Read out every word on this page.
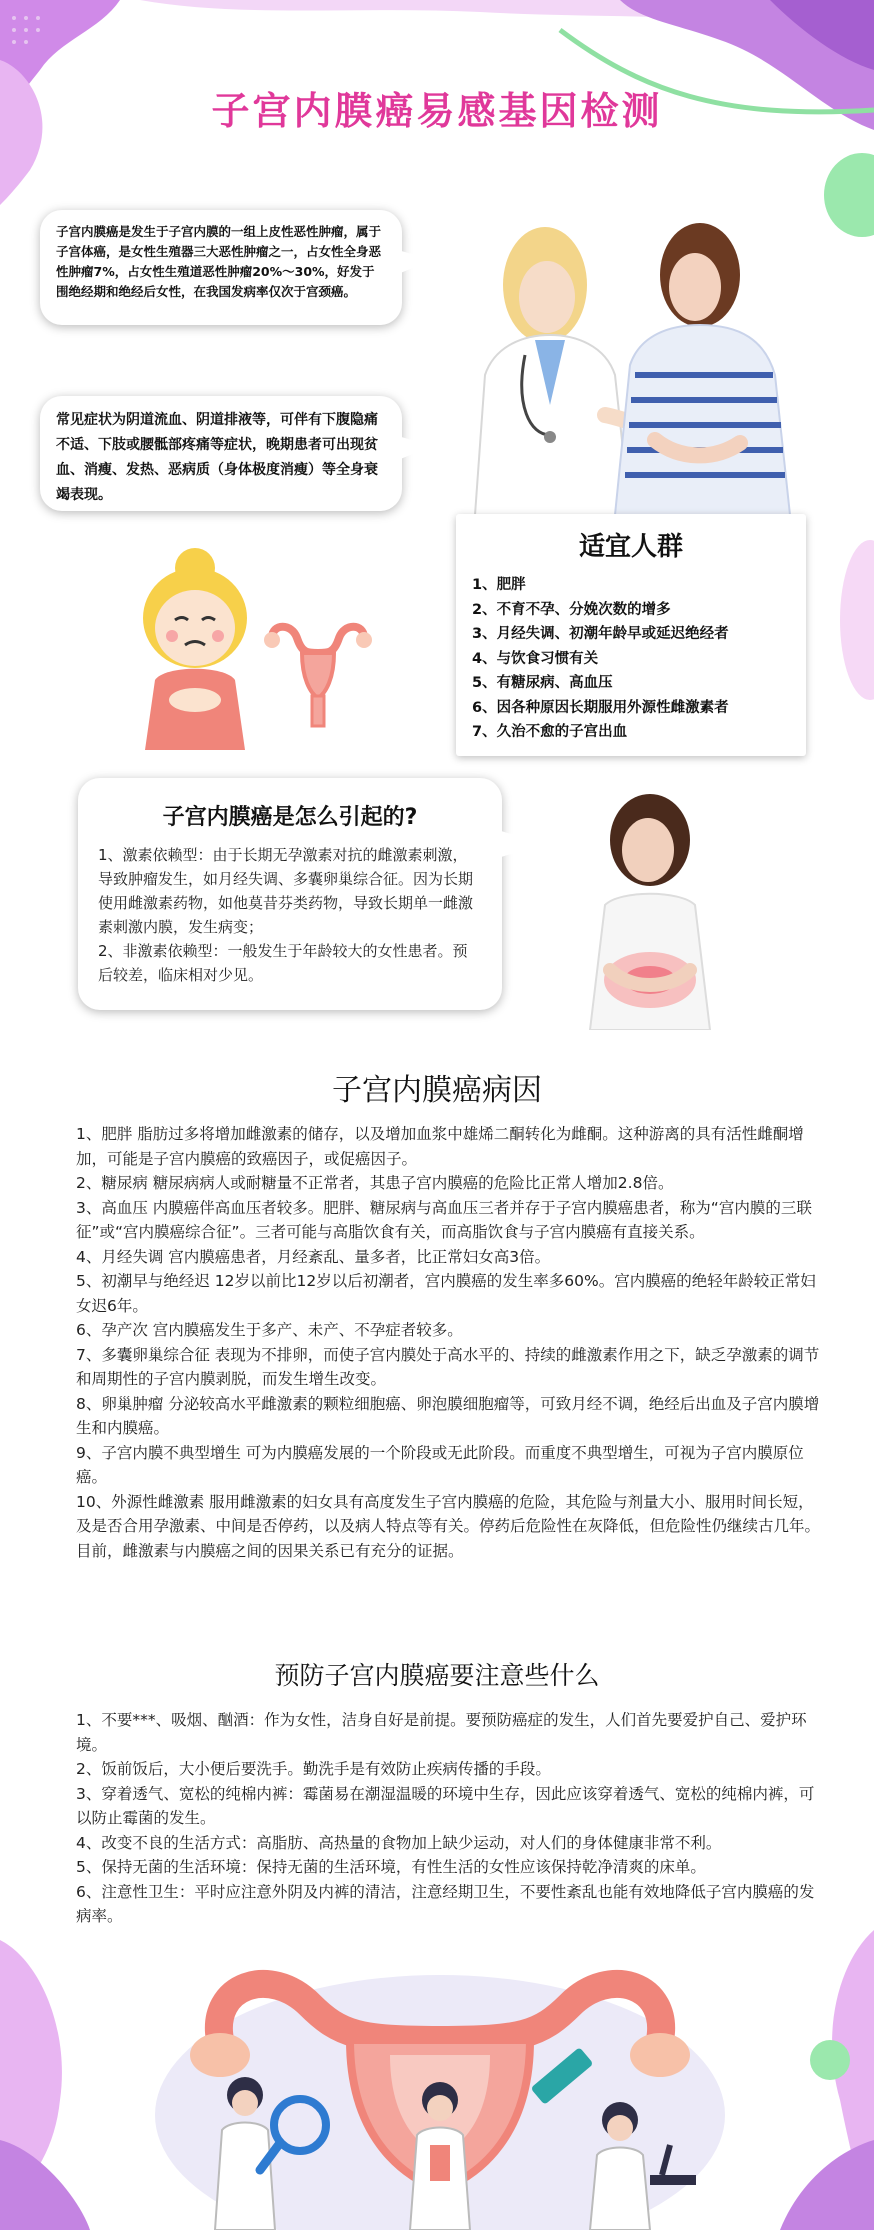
子宫内膜癌易感基因检测
子宫内膜癌是发生于子宫内膜的一组上皮性恶性肿瘤，属于子宫体癌，是女性生殖器三大恶性肿瘤之一，占女性全身恶性肿瘤7%，占女性生殖道恶性肿瘤20%～30%，好发于围绝经期和绝经后女性，在我国发病率仅次于宫颈癌。
常见症状为阴道流血、阴道排液等，可伴有下腹隐痛不适、下肢或腰骶部疼痛等症状，晚期患者可出现贫血、消瘦、发热、恶病质（身体极度消瘦）等全身衰竭表现。
适宜人群
1、肥胖
2、不育不孕、分娩次数的增多
3、月经失调、初潮年龄早或延迟绝经者
4、与饮食习惯有关
5、有糖尿病、高血压
6、因各种原因长期服用外源性雌激素者
7、久治不愈的子宫出血
子宫内膜癌是怎么引起的?

1、激素依赖型：由于长期无孕激素对抗的雌激素刺激，导致肿瘤发生，如月经失调、多囊卵巢综合征。因为长期使用雌激素药物，如他莫昔芬类药物，导致长期单一雌激素刺激内膜，发生病变；

2、非激素依赖型：一般发生于年龄较大的女性患者。预后较差，临床相对少见。

子宫内膜癌病因

1、肥胖 脂肪过多将增加雌激素的储存，以及增加血浆中雄烯二酮转化为雌酮。这种游离的具有活性雌酮增加，可能是子宫内膜癌的致癌因子，或促癌因子。

2、糖尿病 糖尿病病人或耐糖量不正常者，其患子宫内膜癌的危险比正常人增加2.8倍。

3、高血压 内膜癌伴高血压者较多。肥胖、糖尿病与高血压三者并存于子宫内膜癌患者，称为“宫内膜的三联征”或“宫内膜癌综合征”。三者可能与高脂饮食有关，而高脂饮食与子宫内膜癌有直接关系。

4、月经失调 宫内膜癌患者，月经紊乱、量多者，比正常妇女高3倍。

5、初潮早与绝经迟 12岁以前比12岁以后初潮者，宫内膜癌的发生率多60%。宫内膜癌的绝轻年龄较正常妇女迟6年。

6、孕产次 宫内膜癌发生于多产、未产、不孕症者较多。

7、多囊卵巢综合征 表现为不排卵，而使子宫内膜处于高水平的、持续的雌激素作用之下，缺乏孕激素的调节和周期性的子宫内膜剥脱，而发生增生改变。

8、卵巢肿瘤 分泌较高水平雌激素的颗粒细胞癌、卵泡膜细胞瘤等，可致月经不调，绝经后出血及子宫内膜增生和内膜癌。

9、子宫内膜不典型增生 可为内膜癌发展的一个阶段或无此阶段。而重度不典型增生，可视为子宫内膜原位癌。

10、外源性雌激素 服用雌激素的妇女具有高度发生子宫内膜癌的危险，其危险与剂量大小、服用时间长短，及是否合用孕激素、中间是否停药，以及病人特点等有关。停药后危险性在灰降低，但危险性仍继续古几年。目前，雌激素与内膜癌之间的因果关系已有充分的证据。

预防子宫内膜癌要注意些什么

1、不要***、吸烟、酗酒：作为女性，洁身自好是前提。要预防癌症的发生，人们首先要爱护自己、爱护环境。

2、饭前饭后，大小便后要洗手。勤洗手是有效防止疾病传播的手段。

3、穿着透气、宽松的纯棉内裤：霉菌易在潮湿温暖的环境中生存，因此应该穿着透气、宽松的纯棉内裤，可以防止霉菌的发生。

4、改变不良的生活方式：高脂肪、高热量的食物加上缺少运动，对人们的身体健康非常不利。

5、保持无菌的生活环境：保持无菌的生活环境，有性生活的女性应该保持乾净清爽的床单。

6、注意性卫生：平时应注意外阴及内裤的清洁，注意经期卫生，不要性紊乱也能有效地降低子宫内膜癌的发病率。
